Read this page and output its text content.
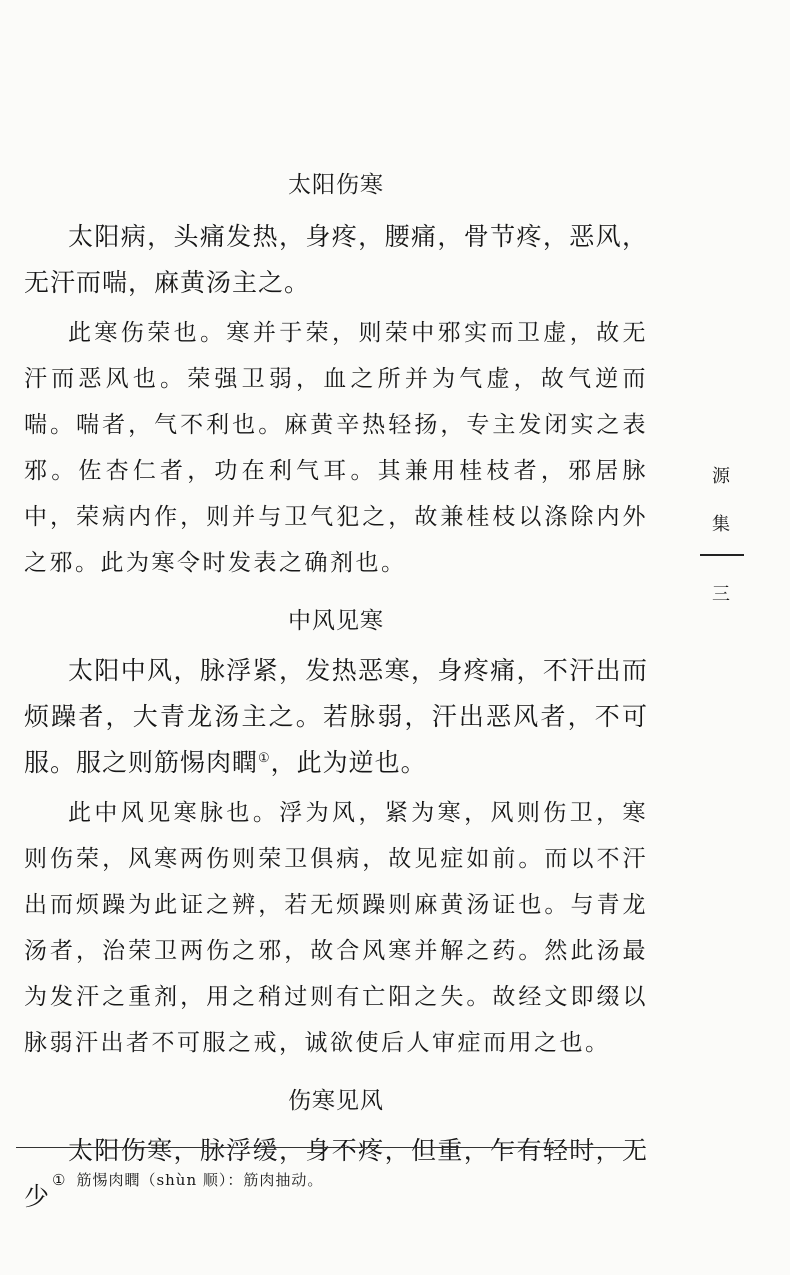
太阳伤寒

太阳病，头痛发热，身疼，腰痛，骨节疼，恶风，无汗而喘，麻黄汤主之。

此寒伤荣也。寒并于荣，则荣中邪实而卫虚，故无汗而恶风也。荣强卫弱，血之所并为气虚，故气逆而喘。喘者，气不利也。麻黄辛热轻扬，专主发闭实之表邪。佐杏仁者，功在利气耳。其兼用桂枝者，邪居脉中，荣病内作，则并与卫气犯之，故兼桂枝以涤除内外之邪。此为寒令时发表之确剂也。

中风见寒

太阳中风，脉浮紧，发热恶寒，身疼痛，不汗出而烦躁者，大青龙汤主之。若脉弱，汗出恶风者，不可服。服之则筋惕肉瞤①，此为逆也。

此中风见寒脉也。浮为风，紧为寒，风则伤卫，寒则伤荣，风寒两伤则荣卫俱病，故见症如前。而以不汗出而烦躁为此证之辨，若无烦躁则麻黄汤证也。与青龙汤者，治荣卫两伤之邪，故合风寒并解之药。然此汤最为发汗之重剂，用之稍过则有亡阳之失。故经文即缀以脉弱汗出者不可服之戒，诚欲使后人审症而用之也。

伤寒见风

太阳伤寒，脉浮缓，身不疼，但重，乍有轻时，无少

① 筋惕肉瞤（shùn 顺）：筋肉抽动。
源
集
三
